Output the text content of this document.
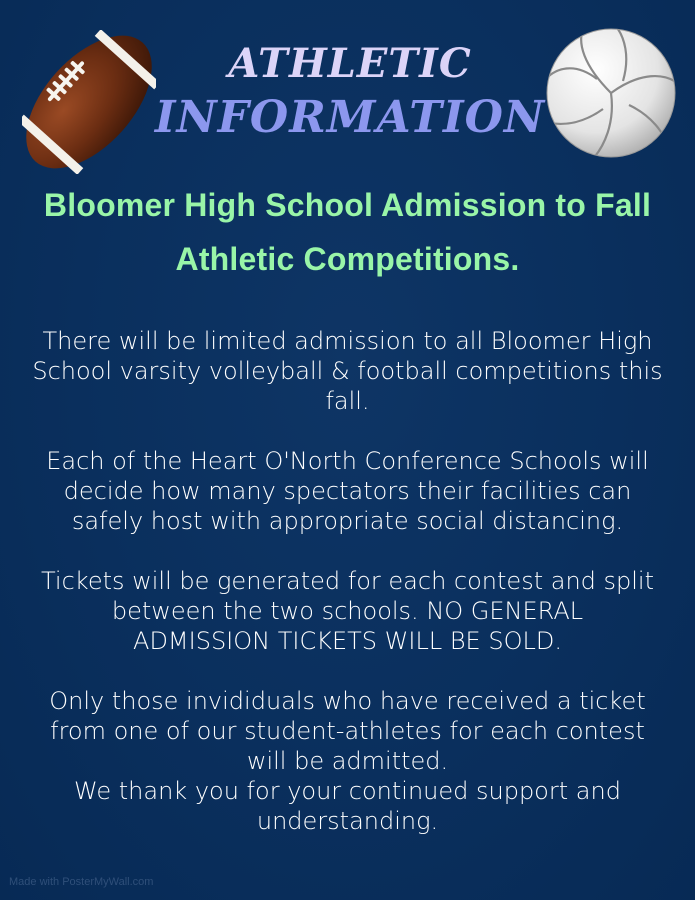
ATHLETIC
INFORMATION
Bloomer High School Admission to Fall
Athletic Competitions.

There will be limited admission to all Bloomer High
School varsity volleyball & football competitions this
fall.

Each of the Heart O'North Conference Schools will
decide how many spectators their facilities can
safely host with appropriate social distancing.

Tickets will be generated for each contest and split
between the two schools. NO GENERAL
ADMISSION TICKETS WILL BE SOLD.

Only those invididuals who have received a ticket
from one of our student-athletes for each contest
will be admitted.

We thank you for your continued support and
understanding.

Made with PosterMyWall.com
